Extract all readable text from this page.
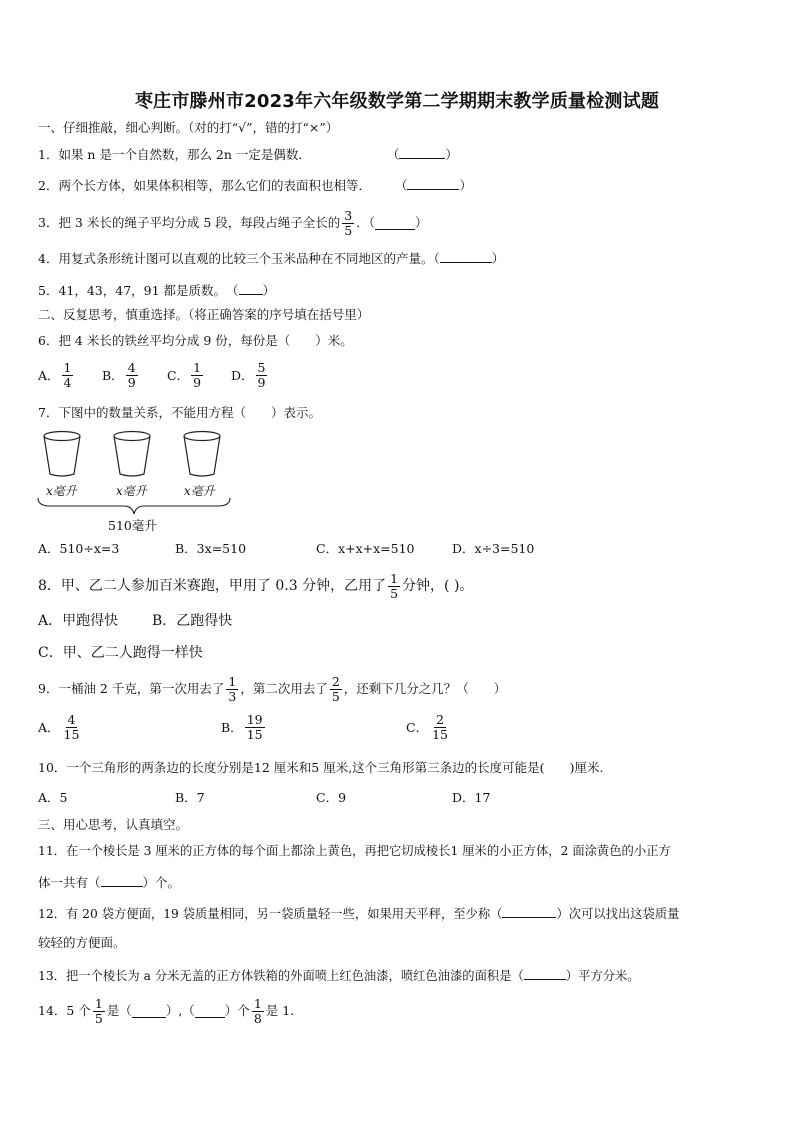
枣庄市滕州市2023年六年级数学第二学期期末教学质量检测试题
一、仔细推敲，细心判断。（对的打“√”，错的打“×”）
1．如果 n 是一个自然数，那么 2n 一定是偶数．	（	）
2．两个长方体，如果体积相等，那么它们的表面积也相等． （	）
3．把 3 米长的绳子平均分成 5 段，每段占绳子全长的 $\frac{3}{5}$ ．（	）
4．用复式条形统计图可以直观的比较三个玉米品种在不同地区的产量。（	）
5．41，43，47，91 都是质数。　（ ）
二、反复思考，慎重选择。（将正确答案的序号填在括号里）
6．把 4 米长的铁丝平均分成 9 份，每份是（　　）米。
A． $\frac{1}{4}$ B． $\frac{4}{9}$ C． $\frac{1}{9}$ D． $\frac{5}{9}$
7．下图中的数量关系，不能用方程（　　）表示。
x毫升	x毫升	x毫升
510毫升
A．510÷x=3	B．3x=510	C．x+x+x=510	D．x÷3=510
8．甲、乙二人参加百米赛跑，甲用了 0.3 分钟，乙用了 $\frac{1}{5}$ 分钟，( )。
A．甲跑得快 B．乙跑得快
C．甲、乙二人跑得一样快
9．一桶油 2 千克，第一次用去了 $\frac{1}{3}$ ，第二次用去了 $\frac{2}{5}$ ，还剩下几分之几？（　　）
A． $\frac{4}{15}$	B． $\frac{19}{15}$	C． $\frac{2}{15}$
10．一个三角形的两条边的长度分别是12 厘米和5 厘米,这个三角形第三条边的长度可能是(　　)厘米.
A．5	B．7	C．9	D．17
三、用心思考，认真填空。
11．在一个棱长是 3 厘米的正方体的每个面上都涂上黄色，再把它切成棱长1 厘米的小正方体，2 面涂黄色的小正方
体一共有（	）个。
12．有 20 袋方便面，19 袋质量相同，另一袋质量轻一些，如果用天平秤，至少称（	）次可以找出这袋质量
较轻的方便面。
13．把一个棱长为 a 分米无盖的正方体铁箱的外面喷上红色油漆，喷红色油漆的面积是（	）平方分米。
14．5 个 $\frac{1}{5}$ 是（	）,（ ）个 $\frac{1}{8}$ 是 1.
